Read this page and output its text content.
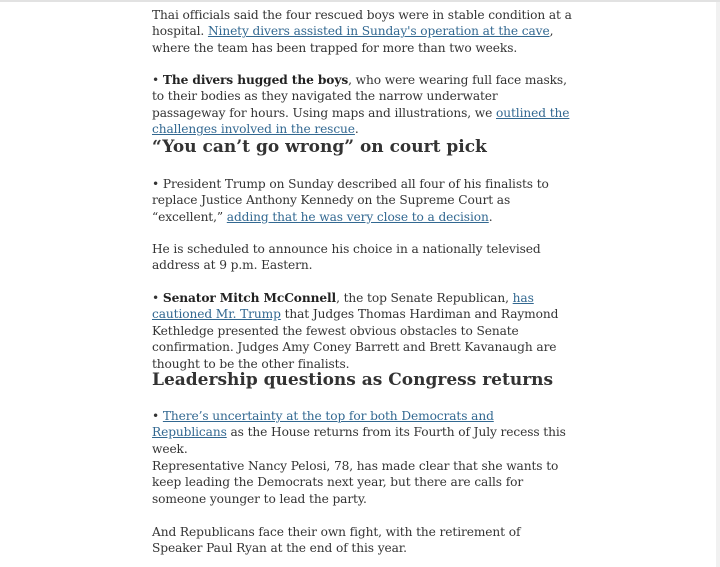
Thai officials said the four rescued boys were in stable condition at a hospital. Ninety divers assisted in Sunday's operation at the cave, where the team has been trapped for more than two weeks.

• The divers hugged the boys, who were wearing full face masks, to their bodies as they navigated the narrow underwater passageway for hours. Using maps and illustrations, we outlined the challenges involved in the rescue.

“You can’t go wrong” on court pick

• President Trump on Sunday described all four of his finalists to replace Justice Anthony Kennedy on the Supreme Court as “excellent,” adding that he was very close to a decision.

He is scheduled to announce his choice in a nationally televised address at 9 p.m. Eastern.

• Senator Mitch McConnell, the top Senate Republican, has cautioned Mr. Trump that Judges Thomas Hardiman and Raymond Kethledge presented the fewest obvious obstacles to Senate confirmation. Judges Amy Coney Barrett and Brett Kavanaugh are thought to be the other finalists.

Leadership questions as Congress returns

• There’s uncertainty at the top for both Democrats and Republicans as the House returns from its Fourth of July recess this week.

Representative Nancy Pelosi, 78, has made clear that she wants to keep leading the Democrats next year, but there are calls for someone younger to lead the party.

And Republicans face their own fight, with the retirement of Speaker Paul Ryan at the end of this year.
